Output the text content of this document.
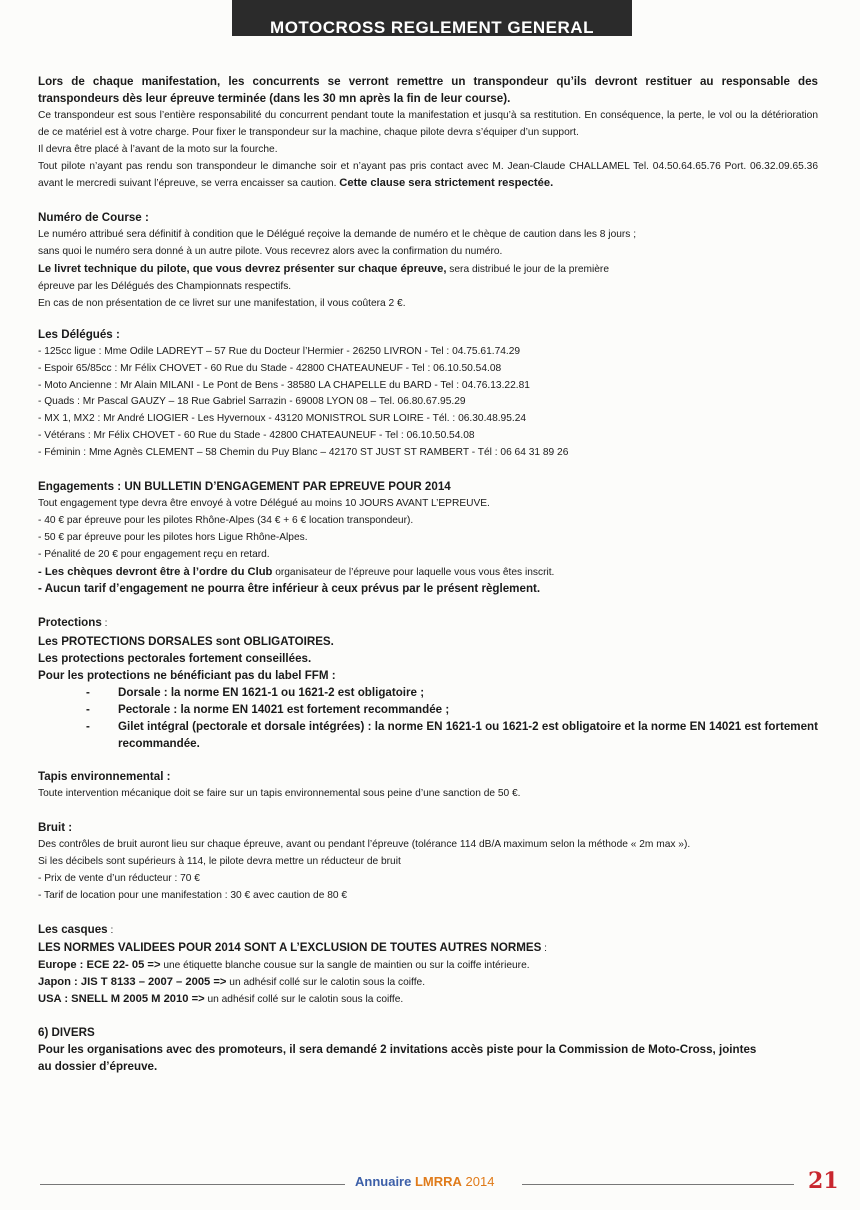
MOTOCROSS REGLEMENT GENERAL

Lors de chaque manifestation, les concurrents se verront remettre un transpondeur qu’ils devront restituer au responsable des transpondeurs dès leur épreuve terminée (dans les 30 mn après la fin de leur course).

Ce transpondeur est sous l’entière responsabilité du concurrent pendant toute la manifestation et jusqu’à sa restitution. En conséquence, la perte, le vol ou la détérioration de ce matériel est à votre charge. Pour fixer le transpondeur sur la machine, chaque pilote devra s’équiper d’un support.

Il devra être placé à l’avant de la moto sur la fourche.

Tout pilote n’ayant pas rendu son transpondeur le dimanche soir et n’ayant pas pris contact avec M. Jean-Claude CHALLAMEL Tel. 04.50.64.65.76 Port. 06.32.09.65.36 avant le mercredi suivant l’épreuve, se verra encaisser sa caution. Cette clause sera strictement respectée.

Numéro de Course :

Le numéro attribué sera définitif à condition que le Délégué reçoive la demande de numéro et le chèque de caution dans les 8 jours ;

sans quoi le numéro sera donné à un autre pilote. Vous recevrez alors avec la confirmation du numéro.

Le livret technique du pilote, que vous devrez présenter sur chaque épreuve, sera distribué le jour de la première

épreuve par les Délégués des Championnats respectifs.

En cas de non présentation de ce livret sur une manifestation, il vous coûtera 2 €.

Les Délégués :

- 125cc ligue : Mme Odile LADREYT – 57 Rue du Docteur l’Hermier - 26250 LIVRON - Tel : 04.75.61.74.29

- Espoir 65/85cc : Mr Félix CHOVET - 60 Rue du Stade - 42800 CHATEAUNEUF - Tel : 06.10.50.54.08

- Moto Ancienne : Mr Alain MILANI - Le Pont de Bens - 38580 LA CHAPELLE du BARD - Tel : 04.76.13.22.81

- Quads : Mr Pascal GAUZY – 18 Rue Gabriel Sarrazin - 69008 LYON 08 – Tel. 06.80.67.95.29

- MX 1, MX2 : Mr André LIOGIER - Les Hyvernoux - 43120 MONISTROL SUR LOIRE - Tél. : 06.30.48.95.24

- Vétérans : Mr Félix CHOVET - 60 Rue du Stade - 42800 CHATEAUNEUF - Tel : 06.10.50.54.08

- Féminin : Mme Agnès CLEMENT – 58 Chemin du Puy Blanc – 42170 ST JUST ST RAMBERT - Tél : 06 64 31 89 26

Engagements : UN BULLETIN D’ENGAGEMENT PAR EPREUVE POUR 2014

Tout engagement type devra être envoyé à votre Délégué au moins 10 JOURS AVANT L’EPREUVE.

- 40 € par épreuve pour les pilotes Rhône-Alpes (34 € + 6 € location transpondeur).

- 50 € par épreuve pour les pilotes hors Ligue Rhône-Alpes.

- Pénalité de 20 € pour engagement reçu en retard.

- Les chèques devront être à l’ordre du Club organisateur de l’épreuve pour laquelle vous vous êtes inscrit.

- Aucun tarif d’engagement ne pourra être inférieur à ceux prévus par le présent règlement.

Protections :

Les PROTECTIONS DORSALES sont OBLIGATOIRES.

Les protections pectorales fortement conseillées.

Pour les protections ne bénéficiant pas du label FFM :

- Dorsale : la norme EN 1621-1 ou 1621-2 est obligatoire ;

- Pectorale : la norme EN 14021 est fortement recommandée ;

- Gilet intégral (pectorale et dorsale intégrées) : la norme EN 1621-1 ou 1621-2 est obligatoire et la norme EN 14021 est fortement recommandée.

Tapis environnemental :

Toute intervention mécanique doit se faire sur un tapis environnemental sous peine d’une sanction de 50 €.

Bruit :

Des contrôles de bruit auront lieu sur chaque épreuve, avant ou pendant l’épreuve (tolérance 114 dB/A maximum selon la méthode « 2m max »).

Si les décibels sont supérieurs à 114, le pilote devra mettre un réducteur de bruit

- Prix de vente d’un réducteur : 70 €

- Tarif de location pour une manifestation : 30 € avec caution de 80 €

Les casques :

LES NORMES VALIDEES POUR 2014 SONT A L’EXCLUSION DE TOUTES AUTRES NORMES :

Europe : ECE 22- 05 => une étiquette blanche cousue sur la sangle de maintien ou sur la coiffe intérieure.

Japon : JIS T 8133 – 2007 – 2005 => un adhésif collé sur le calotin sous la coiffe.

USA : SNELL M 2005 M 2010 => un adhésif collé sur le calotin sous la coiffe.

6) DIVERS

Pour les organisations avec des promoteurs, il sera demandé 2 invitations accès piste pour la Commission de Moto-Cross, jointes au dossier d’épreuve.

Annuaire LMRRA 2014	21
